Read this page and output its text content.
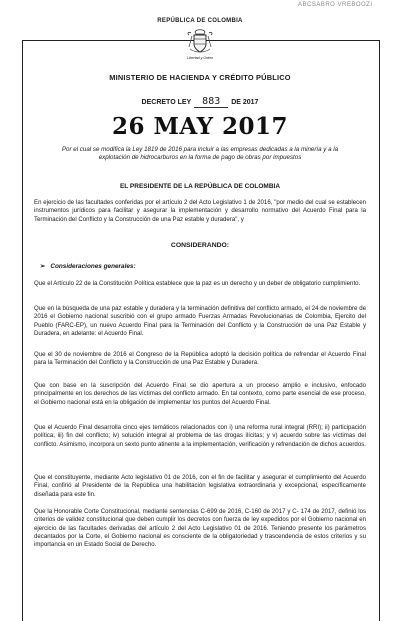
ABCSABRO VREBOOZI
REPÚBLICA DE COLOMBIA
Libertad y Orden
MINISTERIO DE HACIENDA Y CRÉDITO PÚBLICO
DECRETO LEY 883 DE 2017
26 MAY 2017
Por el cual se modifica la Ley 1819 de 2016 para incluir a las empresas dedicadas a la minería y a la explotación de hidrocarburos en la forma de pago de obras por impuestos
EL PRESIDENTE DE LA REPÚBLICA DE COLOMBIA
En ejercicio de las facultades conferidas por el artículo 2 del Acto Legislativo 1 de 2016, "por medio del cual se establecen instrumentos jurídicos para facilitar y asegurar la implementación y desarrollo normativo del Acuerdo Final para la Terminación del Conflicto y la Construcción de una Paz estable y duradera", y
CONSIDERANDO:
➢ Consideraciones generales:
Que el Artículo 22 de la Constitución Política establece que la paz es un derecho y un deber de obligatorio cumplimiento.
Que en la búsqueda de una paz estable y duradera y la terminación definitiva del conflicto armado, el 24 de noviembre de 2016 el Gobierno nacional suscribió con el grupo armado Fuerzas Armadas Revolucionarias de Colombia, Ejercito del Pueblo (FARC-EP), un nuevo Acuerdo Final para la Terminación del Conflicto y la Construcción de una Paz Estable y Duradera, en adelante: el Acuerdo Final.
Que el 30 de noviembre de 2016 el Congreso de la República adoptó la decisión política de refrendar el Acuerdo Final para la Terminación del Conflicto y la Construcción de una Paz Estable y Duradera.
Que con base en la suscripción del Acuerdo Final se dio apertura a un proceso amplio e inclusivo, enfocado principalmente en los derechos de las víctimas del conflicto armado. En tal contexto, como parte esencial de ese proceso, el Gobierno nacional está en la obligación de implementar los puntos del Acuerdo Final.
Que el Acuerdo Final desarrolla cinco ejes temáticos relacionados con i) una reforma rural integral (RRI); ii) participación política; iii) fin del conflicto; iv) solución integral al problema de las drogas ilícitas; y v) acuerdo sobre las víctimas del conflicto. Asimismo, incorpora un sexto punto atinente a la implementación, verificación y refrendación de dichos acuerdos.
Que el constituyente, mediante Acto legislativo 01 de 2016, con el fin de facilitar y asegurar el cumplimiento del Acuerdo Final, confirió al Presidente de la República una habilitación legislativa extraordinaria y excepcional, específicamente diseñada para este fin.
Que la Honorable Corte Constitucional, mediante sentencias C-699 de 2016, C-160 de 2017 y C- 174 de 2017, definió los criterios de validez constitucional que deben cumplir los decretos con fuerza de ley expedidos por el Gobierno nacional en ejercicio de las facultades derivadas del artículo 2 del Acto Legislativo 01 de 2016. Teniendo presente los parámetros decantados por la Corte, el Gobierno nacional es consciente de la obligatoriedad y trascendencia de estos criterios y su importancia en un Estado Social de Derecho.
